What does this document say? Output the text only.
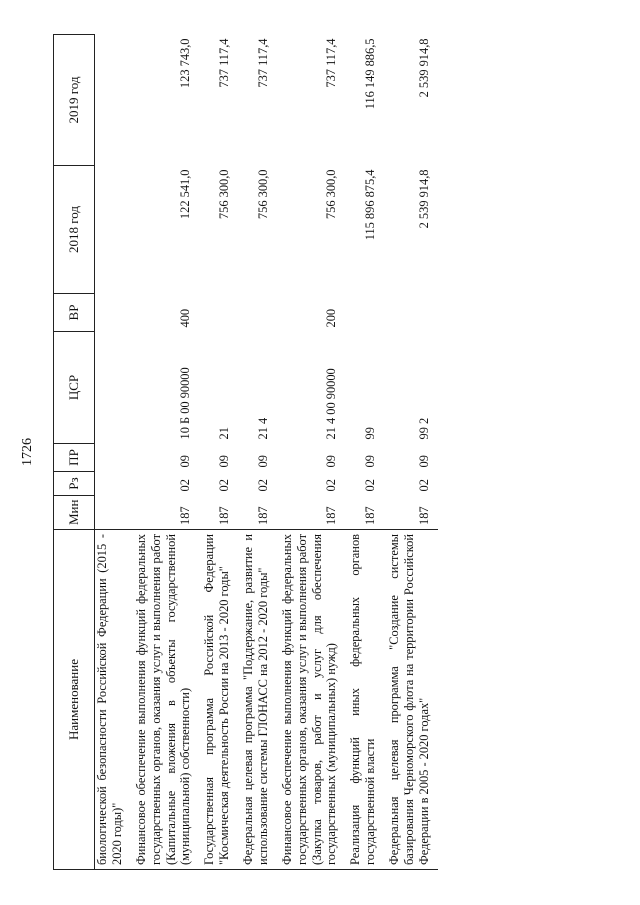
1726
Наименование	Мин	Рз	ПР	ЦСР	ВР	2018 год	2019 год
биологической безопасности Российской Федерации (2015 - 2020 годы)"							
Финансовое обеспечение выполнения функций федеральных государственных органов, оказания услуг и выполнения работ (Капитальные вложения в объекты государственной (муниципальной) собственности)	187	02	09	10 Б 00 90000	400	122 541,0	123 743,0
Государственная программа Российской Федерации "Космическая деятельность России на 2013 - 2020 годы"	187	02	09	21		756 300,0	737 117,4
Федеральная целевая программа "Поддержание, развитие и использование системы ГЛОНАСС на 2012 - 2020 годы"	187	02	09	21 4		756 300,0	737 117,4
Финансовое обеспечение выполнения функций федеральных государственных органов, оказания услуг и выполнения работ (Закупка товаров, работ и услуг для обеспечения государственных (муниципальных) нужд)	187	02	09	21 4 00 90000	200	756 300,0	737 117,4
Реализация функций иных федеральных органов государственной власти	187	02	09	99		115 896 875,4	116 149 886,5
Федеральная целевая программа "Создание системы базирования Черноморского флота на территории Российской Федерации в 2005 - 2020 годах"	187	02	09	99 2		2 539 914,8	2 539 914,8
